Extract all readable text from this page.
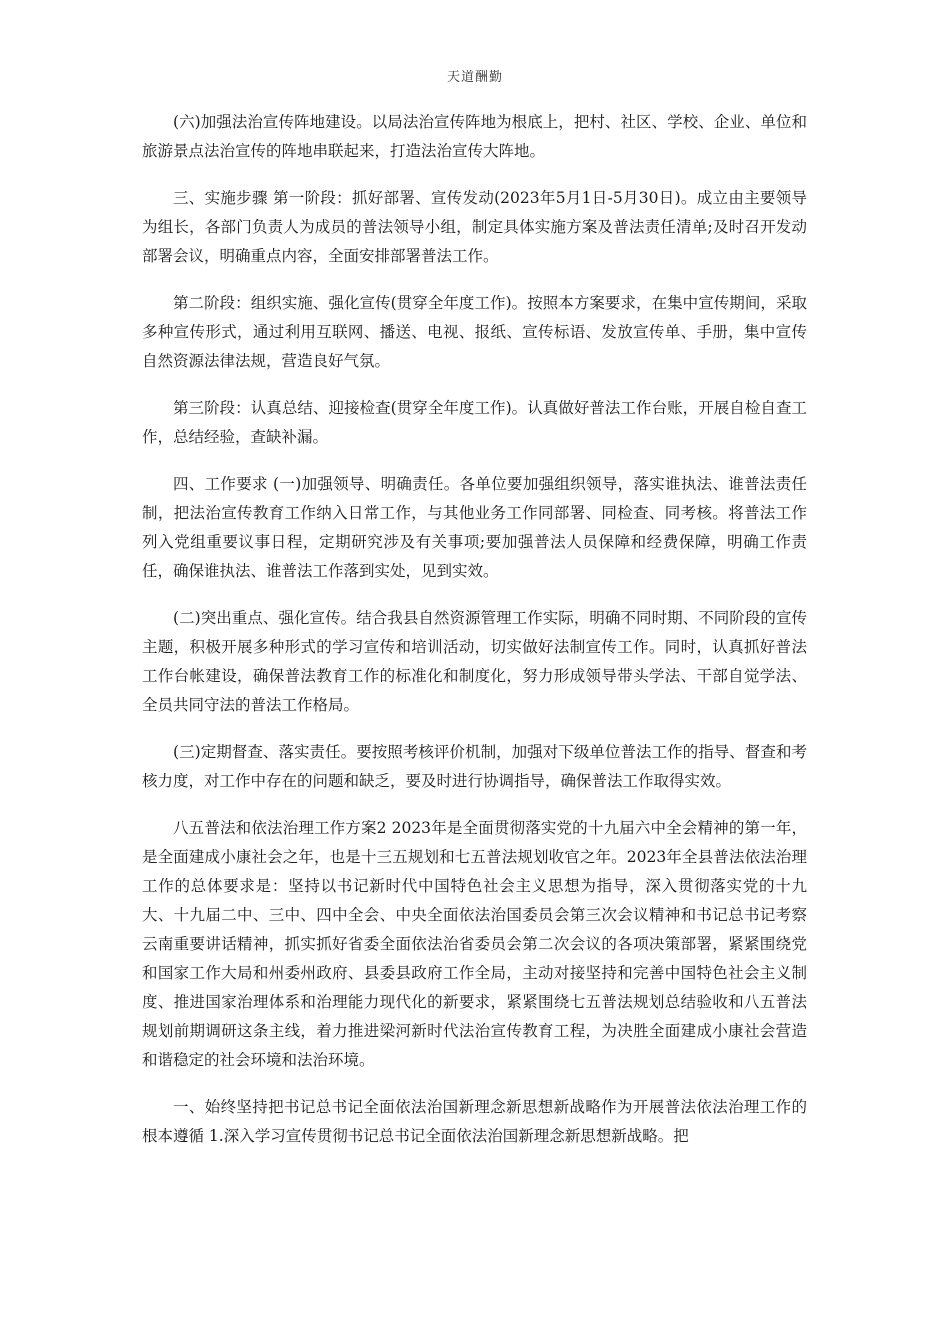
天道酬勤

(六)加强法治宣传阵地建设。以局法治宣传阵地为根底上，把村、社区、学校、企业、单位和旅游景点法治宣传的阵地串联起来，打造法治宣传大阵地。

三、实施步骤 第一阶段：抓好部署、宣传发动(2023年5月1日-5月30日)。成立由主要领导为组长，各部门负责人为成员的普法领导小组，制定具体实施方案及普法责任清单;及时召开发动部署会议，明确重点内容，全面安排部署普法工作。

第二阶段：组织实施、强化宣传(贯穿全年度工作)。按照本方案要求，在集中宣传期间，采取多种宣传形式，通过利用互联网、播送、电视、报纸、宣传标语、发放宣传单、手册，集中宣传自然资源法律法规，营造良好气氛。

第三阶段：认真总结、迎接检查(贯穿全年度工作)。认真做好普法工作台账，开展自检自查工作，总结经验，查缺补漏。

四、工作要求 (一)加强领导、明确责任。各单位要加强组织领导，落实谁执法、谁普法责任制，把法治宣传教育工作纳入日常工作，与其他业务工作同部署、同检查、同考核。将普法工作列入党组重要议事日程，定期研究涉及有关事项;要加强普法人员保障和经费保障，明确工作责任，确保谁执法、谁普法工作落到实处，见到实效。

(二)突出重点、强化宣传。结合我县自然资源管理工作实际，明确不同时期、不同阶段的宣传主题，积极开展多种形式的学习宣传和培训活动，切实做好法制宣传工作。同时，认真抓好普法工作台帐建设，确保普法教育工作的标准化和制度化，努力形成领导带头学法、干部自觉学法、全员共同守法的普法工作格局。

(三)定期督查、落实责任。要按照考核评价机制，加强对下级单位普法工作的指导、督查和考核力度，对工作中存在的问题和缺乏，要及时进行协调指导，确保普法工作取得实效。

八五普法和依法治理工作方案2 2023年是全面贯彻落实党的十九届六中全会精神的第一年，是全面建成小康社会之年，也是十三五规划和七五普法规划收官之年。2023年全县普法依法治理工作的总体要求是：坚持以书记新时代中国特色社会主义思想为指导，深入贯彻落实党的十九大、十九届二中、三中、四中全会、中央全面依法治国委员会第三次会议精神和书记总书记考察云南重要讲话精神，抓实抓好省委全面依法治省委员会第二次会议的各项决策部署，紧紧围绕党和国家工作大局和州委州政府、县委县政府工作全局，主动对接坚持和完善中国特色社会主义制度、推进国家治理体系和治理能力现代化的新要求，紧紧围绕七五普法规划总结验收和八五普法规划前期调研这条主线，着力推进梁河新时代法治宣传教育工程，为决胜全面建成小康社会营造和谐稳定的社会环境和法治环境。

一、始终坚持把书记总书记全面依法治国新理念新思想新战略作为开展普法依法治理工作的根本遵循 1.深入学习宣传贯彻书记总书记全面依法治国新理念新思想新战略。把
